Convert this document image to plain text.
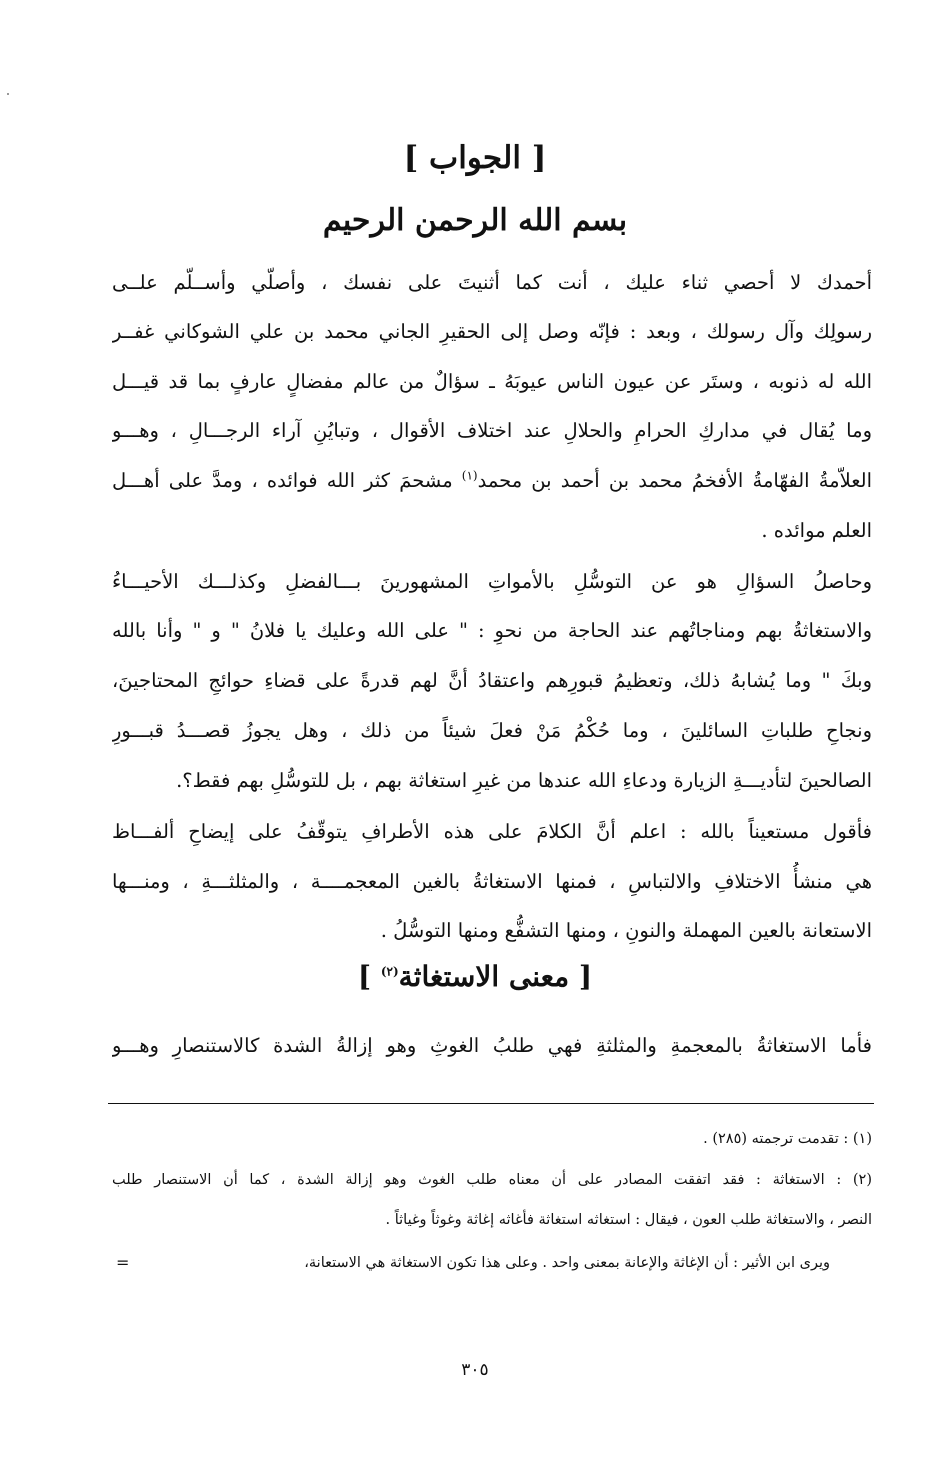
[ الجواب ]
بسم الله الرحمن الرحيم
أحمدك لا أحصي ثناء عليك ، أنت كما أثنيتَ على نفسك ، وأصلّي وأســلّم علــى
رسولِك وآل رسولك ، وبعد : فإنّه وصل إلى الحقيرِ الجاني محمد بن علي الشوكاني غفــر
الله له ذنوبه ، وستَر عن عيون الناس عيوبَهُ ـ سؤالٌ من عالم مفضالٍ عارفٍ بما قد قيـــل
وما يُقال في مداركِ الحرامِ والحلالِ عند اختلاف الأقوال ، وتبايُنِ آراء الرجـــالِ ، وهـــو
العلاّمةُ الفهّامةُ الأفخمُ محمد بن أحمد بن محمد$^{(١)}$ مشحمَ كثر الله فوائده ، ومدَّ على أهـــل
العلم موائده .
وحاصلُ السؤالِ هو عن التوسُّلِ بالأمواتِ المشهورينَ بـــالفضلِ وكذلـــك الأحيـــاءُ
والاستغاثةُ بهم ومناجاتُهم عند الحاجة من نحوِ : " على الله وعليك يا فلانُ " و " وأنا بالله
وبكَ " وما يُشابهُ ذلك، وتعظيمُ قبورِهم واعتقادُ أنَّ لهم قدرةً على قضاءِ حوائجِ المحتاجينَ،
ونجاحِ طلباتِ السائلينَ ، وما حُكْمُ مَنْ فعلَ شيئاً من ذلك ، وهل يجوزُ قصـــدُ قبـــورِ
الصالحينَ لتأديـــةِ الزيارة ودعاءِ الله عندها من غيرِ استغاثة بهم ، بل للتوسُّلِ بهم فقط؟.
فأقول مستعيناً بالله : اعلم أنَّ الكلامَ على هذه الأطرافِ يتوقّفُ على إيضاحِ ألفـــاظ
هي منشأُ الاختلافِ والالتباسِ ، فمنها الاستغاثةُ بالغين المعجمــــة ، والمثلثـــةِ ، ومنـــها
الاستعانة بالعين المهملة والنونِ ، ومنها التشفُّع ومنها التوسُّلُ .
[ معنى الاستغاثة$^{(٢)}$ ]
فأما الاستغاثةُ بالمعجمةِ والمثلثةِ فهي طلبُ الغوثِ وهو إزالةُ الشدة كالاستنصارِ وهـــو
(١) : تقدمت ترجمته (٢٨٥) .
(٢) : الاستغاثة : فقد اتفقت المصادر على أن معناه طلب الغوث وهو إزالة الشدة ، كما أن الاستنصار طلب
النصر ، والاستغاثة طلب العون ، فيقال : استغاثه استغاثة فأغاثه إغاثة وغوثاً وغياثاً .
ويرى ابن الأثير : أن الإغاثة والإعانة بمعنى واحد . وعلى هذا تكون الاستغاثة هي الاستعانة،
=
٣٠٥
